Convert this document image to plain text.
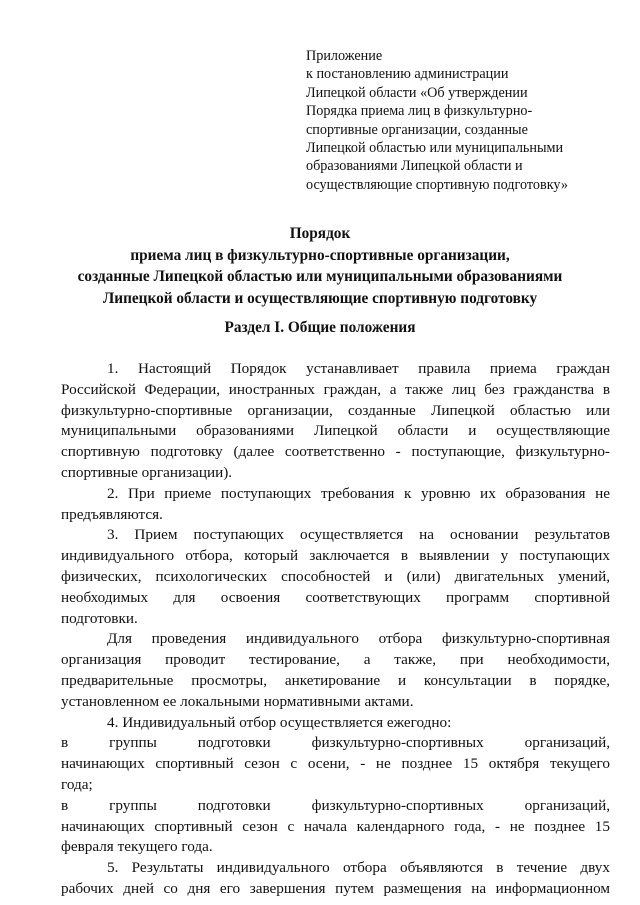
Приложение
к постановлению администрации
Липецкой области «Об утверждении
Порядка приема лиц в физкультурно-
спортивные организации, созданные
Липецкой областью или муниципальными
образованиями Липецкой области и
осуществляющие спортивную подготовку»
Порядок
приема лиц в физкультурно-спортивные организации,
созданные Липецкой областью или муниципальными образованиями
Липецкой области и осуществляющие спортивную подготовку
Раздел I. Общие положения
1. Настоящий Порядок устанавливает правила приема граждан
Российской Федерации, иностранных граждан, а также лиц без гражданства в
физкультурно-спортивные организации, созданные Липецкой областью или
муниципальными образованиями Липецкой области и осуществляющие
спортивную подготовку (далее соответственно - поступающие, физкультурно-
спортивные организации).
2. При приеме поступающих требования к уровню их образования не
предъявляются.
3. Прием поступающих осуществляется на основании результатов
индивидуального отбора, который заключается в выявлении у поступающих
физических, психологических способностей и (или) двигательных умений,
необходимых для освоения соответствующих программ спортивной
подготовки.
Для проведения индивидуального отбора физкультурно-спортивная
организация проводит тестирование, а также, при необходимости,
предварительные просмотры, анкетирование и консультации в порядке,
установленном ее локальными нормативными актами.
4. Индивидуальный отбор осуществляется ежегодно:
в группы подготовки физкультурно-спортивных организаций,
начинающих спортивный сезон с осени, - не позднее 15 октября текущего
года;
в группы подготовки физкультурно-спортивных организаций,
начинающих спортивный сезон с начала календарного года, - не позднее 15
февраля текущего года.
5. Результаты индивидуального отбора объявляются в течение двух
рабочих дней со дня его завершения путем размещения на информационном
